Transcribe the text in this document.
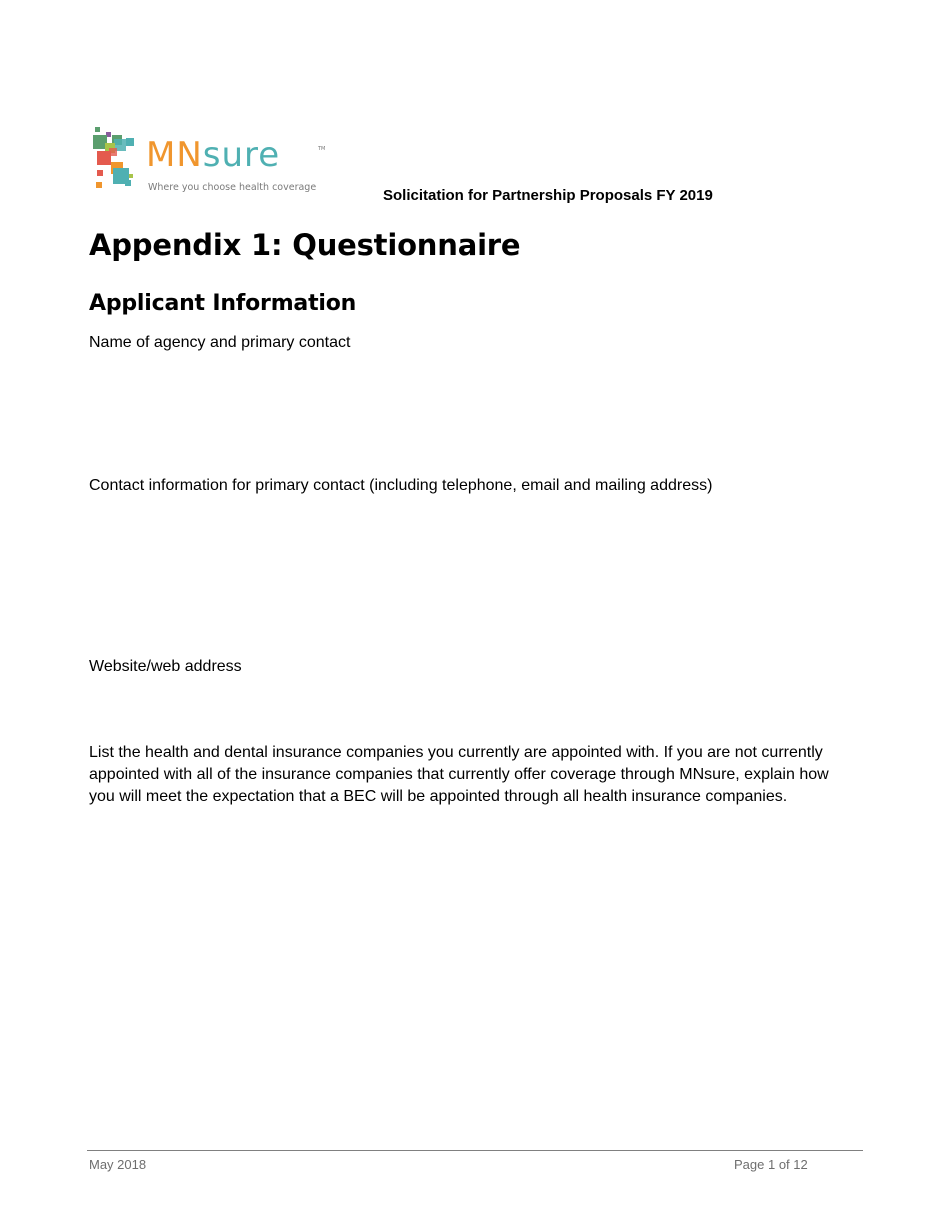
MNsure	TM
Where you choose health coverage	Solicitation for Partnership Proposals FY 2019
Appendix 1: Questionnaire
Applicant Information
Name of agency and primary contact
Contact information for primary contact (including telephone, email and mailing address)
Website/web address
List the health and dental insurance companies you currently are appointed with. If you are not currently appointed with all of the insurance companies that currently offer coverage through MNsure, explain how you will meet the expectation that a BEC will be appointed through all health insurance companies.
May 2018	Page 1 of 12
